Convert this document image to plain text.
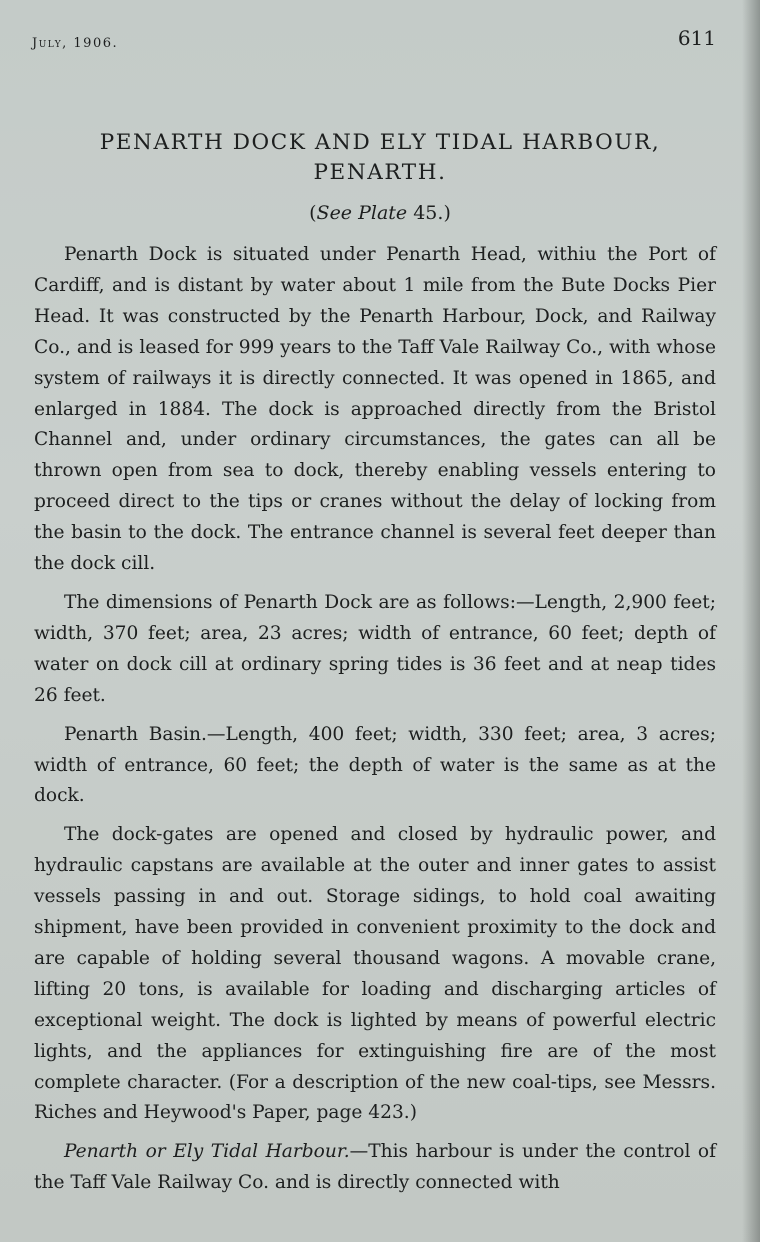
July, 1906.	611
PENARTH DOCK AND ELY TIDAL HARBOUR,
PENARTH.

(See Plate 45.)

Penarth Dock is situated under Penarth Head, withiu the Port of Cardiff, and is distant by water about 1 mile from the Bute Docks Pier Head. It was constructed by the Penarth Harbour, Dock, and Railway Co., and is leased for 999 years to the Taff Vale Railway Co., with whose system of railways it is directly connected. It was opened in 1865, and enlarged in 1884. The dock is approached directly from the Bristol Channel and, under ordinary circumstances, the gates can all be thrown open from sea to dock, thereby enabling vessels entering to proceed direct to the tips or cranes without the delay of locking from the basin to the dock. The entrance channel is several feet deeper than the dock cill.

The dimensions of Penarth Dock are as follows:—Length, 2,900 feet; width, 370 feet; area, 23 acres; width of entrance, 60 feet; depth of water on dock cill at ordinary spring tides is 36 feet and at neap tides 26 feet.

Penarth Basin.—Length, 400 feet; width, 330 feet; area, 3 acres; width of entrance, 60 feet; the depth of water is the same as at the dock.

The dock-gates are opened and closed by hydraulic power, and hydraulic capstans are available at the outer and inner gates to assist vessels passing in and out. Storage sidings, to hold coal awaiting shipment, have been provided in convenient proximity to the dock and are capable of holding several thousand wagons. A movable crane, lifting 20 tons, is available for loading and discharging articles of exceptional weight. The dock is lighted by means of powerful electric lights, and the appliances for extinguishing fire are of the most complete character. (For a description of the new coal-tips, see Messrs. Riches and Heywood's Paper, page 423.)

Penarth or Ely Tidal Harbour.—This harbour is under the control of the Taff Vale Railway Co. and is directly connected with
